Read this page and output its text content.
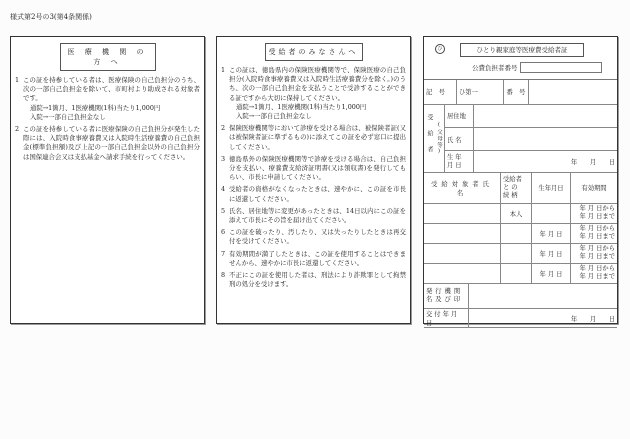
様式第2号の3(第4条関係)
医 療 機 関 の 方 へ
1 この証を持参している者は、医療保険の自己負担分のうち、次の一部自己負担金を除いて、市町村より助成される対象者です。
通院→1箇月、1医療機関(1科)当たり1,000円
入院→一部自己負担金なし
2 この証を持参している者に医療保険の自己負担分が発生した際には、入院時食事療養費又は入院時生活療養費の自己負担金(標準負担額)及び上記の一部自己負担金以外の自己負担分は国保連合会又は支払基金へ請求手続を行ってください。
受給者のみなさんへ
1 この証は、徳島県内の保険医療機関等で、保険医療の自己負担分(入院時食事療養費又は入院時生活療養費分を除く。)のうち、次の一部自己負担金を支払うことで受診することができる証ですから大切に保持してください。
通院→1箇月、1医療機関(1科)当たり1,000円
入院→一部自己負担金なし
2 保険医療機関等において診療を受ける場合は、被保険者証(又は被保険者証に準ずるもの)に添えてこの証を必ず窓口に提出してください。
3 徳島県外の保険医療機関等で診療を受ける場合は、自己負担分を支払い、療養費支給済証明書(又は領収書)を発行してもらい、市長に申請してください。
4 受給者の資格がなくなったときは、速やかに、この証を市長に返還してください。
5 氏名、居住地等に変更があったときは、14日以内にこの証を添えて市長にその旨を届け出てください。
6 この証を破ったり、汚したり、又は失ったりしたときは再交付を受けてください。
7 有効期間が満了したときは、この証を使用することはできませんから、速やかに市長に返還してください。
8 不正にこの証を使用した者は、刑法により詐欺罪として拘禁刑の処分を受けます。
ひ	ひとり親家庭等医療費受給者証
公費負担者番号
記　号	ひ第一	番　号	
受給者 (父母等)	居住地	
	氏 名	

	生 年
月 日	年　　月　　日
受給対象者氏名	受給者
と の
続 柄	生年月日	有効期間
	本人		年 月 日から
年 月 日まで

		年 月 日	年 月 日から
年 月 日まで

		年 月 日	年 月 日から
年 月 日まで

		年 月 日	年 月 日から
年 月 日まで
発行機関
名及び印	

交付年月日	年　　月　　日
